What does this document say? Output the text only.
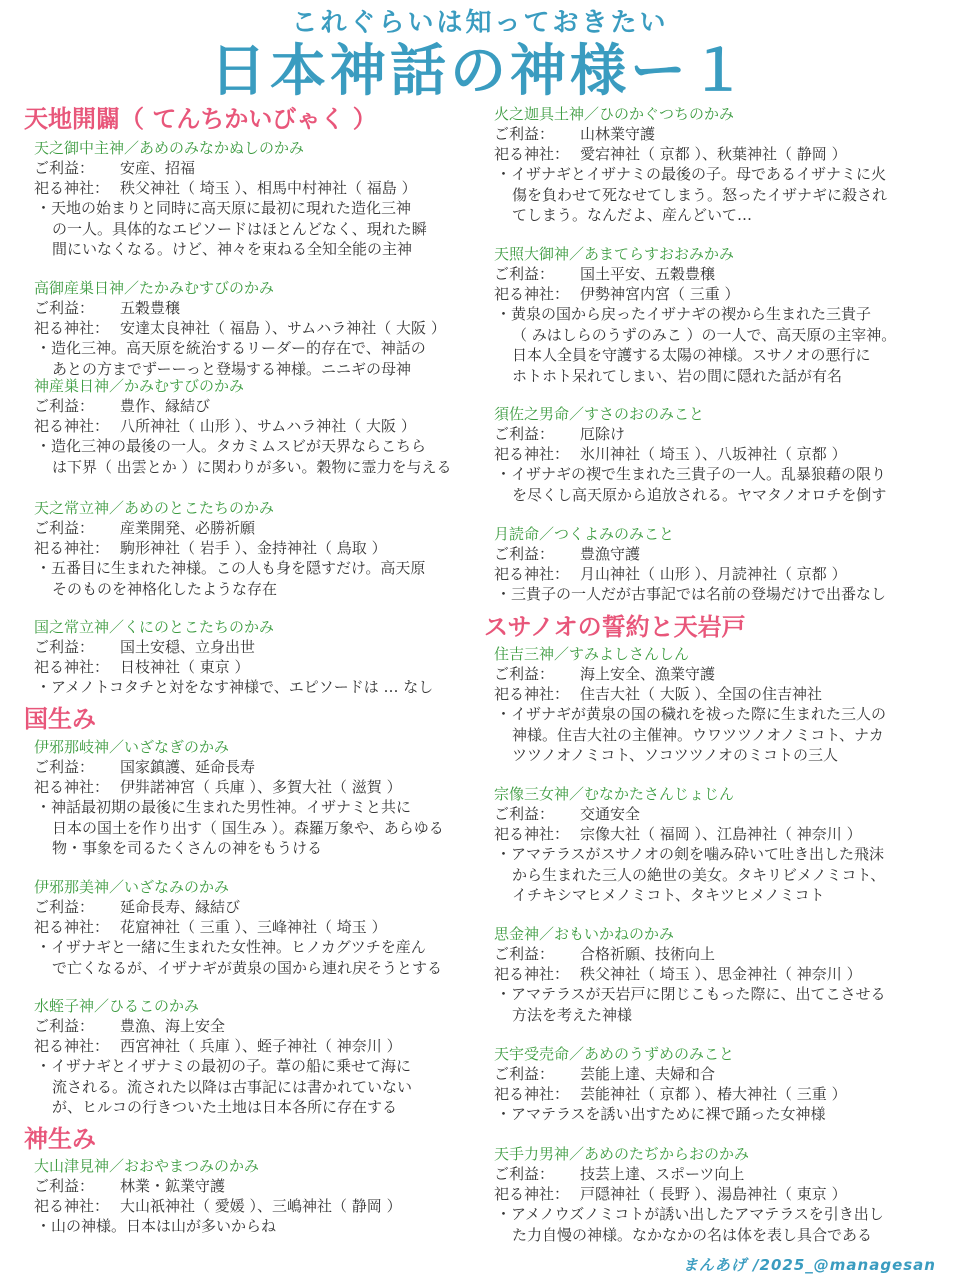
これぐらいは知っておきたい
日本神話の神様ー１
天地開闢（ てんちかいびゃく ）
天之御中主神／あめのみなかぬしのかみ
ご利益： 安産、招福
祀る神社： 秩父神社（ 埼玉 ）、相馬中村神社（ 福島 ）
・天地の始まりと同時に高天原に最初に現れた造化三神
の一人。具体的なエピソードはほとんどなく、現れた瞬
間にいなくなる。けど、神々を束ねる全知全能の主神
高御産巣日神／たかみむすびのかみ
ご利益： 五穀豊穣
祀る神社： 安達太良神社（ 福島 ）、サムハラ神社（ 大阪 ）
・造化三神。高天原を統治するリーダー的存在で、神話の
あとの方までずーーっと登場する神様。ニニギの母神
神産巣日神／かみむすびのかみ
ご利益： 豊作、縁結び
祀る神社： 八所神社（ 山形 ）、サムハラ神社（ 大阪 ）
・造化三神の最後の一人。タカミムスビが天界ならこちら
は下界（ 出雲とか ）に関わりが多い。穀物に霊力を与える
天之常立神／あめのとこたちのかみ
ご利益： 産業開発、必勝祈願
祀る神社： 駒形神社（ 岩手 ）、金持神社（ 鳥取 ）
・五番目に生まれた神様。この人も身を隠すだけ。高天原
そのものを神格化したような存在
国之常立神／くにのとこたちのかみ
ご利益： 国土安穏、立身出世
祀る神社： 日枝神社（ 東京 ）
・アメノトコタチと対をなす神様で、エピソードは … なし
国生み
伊邪那岐神／いざなぎのかみ
ご利益： 国家鎮護、延命長寿
祀る神社： 伊弉諾神宮（ 兵庫 ）、多賀大社（ 滋賀 ）
・神話最初期の最後に生まれた男性神。イザナミと共に
日本の国土を作り出す（ 国生み ）。森羅万象や、あらゆる
物・事象を司るたくさんの神をもうける
伊邪那美神／いざなみのかみ
ご利益： 延命長寿、縁結び
祀る神社： 花窟神社（ 三重 ）、三峰神社（ 埼玉 ）
・イザナギと一緒に生まれた女性神。ヒノカグツチを産ん
で亡くなるが、イザナギが黄泉の国から連れ戻そうとする
水蛭子神／ひるこのかみ
ご利益： 豊漁、海上安全
祀る神社： 西宮神社（ 兵庫 ）、蛭子神社（ 神奈川 ）
・イザナギとイザナミの最初の子。葦の船に乗せて海に
流される。流された以降は古事記には書かれていない
が、ヒルコの行きついた土地は日本各所に存在する
神生み
大山津見神／おおやまつみのかみ
ご利益： 林業・鉱業守護
祀る神社： 大山祇神社（ 愛媛 ）、三嶋神社（ 静岡 ）
・山の神様。日本は山が多いからね
火之迦具土神／ひのかぐつちのかみ
ご利益： 山林業守護
祀る神社： 愛宕神社（ 京都 ）、秋葉神社（ 静岡 ）
・イザナギとイザナミの最後の子。母であるイザナミに火
傷を負わせて死なせてしまう。怒ったイザナギに殺され
てしまう。なんだよ、産んどいて…
天照大御神／あまてらすおおみかみ
ご利益： 国土平安、五穀豊穣
祀る神社： 伊勢神宮内宮（ 三重 ）
・黄泉の国から戻ったイザナギの禊から生まれた三貴子
（ みはしらのうずのみこ ）の一人で、高天原の主宰神。
日本人全員を守護する太陽の神様。スサノオの悪行に
ホトホト呆れてしまい、岩の間に隠れた話が有名
須佐之男命／すさのおのみこと
ご利益： 厄除け
祀る神社： 氷川神社（ 埼玉 ）、八坂神社（ 京都 ）
・イザナギの禊で生まれた三貴子の一人。乱暴狼藉の限り
を尽くし高天原から追放される。ヤマタノオロチを倒す
月読命／つくよみのみこと
ご利益： 豊漁守護
祀る神社： 月山神社（ 山形 ）、月読神社（ 京都 ）
・三貴子の一人だが古事記では名前の登場だけで出番なし
スサノオの誓約と天岩戸
住吉三神／すみよしさんしん
ご利益： 海上安全、漁業守護
祀る神社： 住吉大社（ 大阪 ）、全国の住吉神社
・イザナギが黄泉の国の穢れを祓った際に生まれた三人の
神様。住吉大社の主催神。ウワツツノオノミコト、ナカ
ツツノオノミコト、ソコツツノオのミコトの三人
宗像三女神／むなかたさんじょじん
ご利益： 交通安全
祀る神社： 宗像大社（ 福岡 ）、江島神社（ 神奈川 ）
・アマテラスがスサノオの剣を噛み砕いて吐き出した飛沫
から生まれた三人の絶世の美女。タキリビメノミコト、
イチキシマヒメノミコト、タキツヒメノミコト
思金神／おもいかねのかみ
ご利益： 合格祈願、技術向上
祀る神社： 秩父神社（ 埼玉 ）、思金神社（ 神奈川 ）
・アマテラスが天岩戸に閉じこもった際に、出てこさせる
方法を考えた神様
天宇受売命／あめのうずめのみこと
ご利益： 芸能上達、夫婦和合
祀る神社： 芸能神社（ 京都 ）、椿大神社（ 三重 ）
・アマテラスを誘い出すために裸で踊った女神様
天手力男神／あめのたぢからおのかみ
ご利益： 技芸上達、スポーツ向上
祀る神社： 戸隠神社（ 長野 ）、湯島神社（ 東京 ）
・アメノウズノミコトが誘い出したアマテラスを引き出し
た力自慢の神様。なかなかの名は体を表し具合である
まんあげ /2025_@managesan
